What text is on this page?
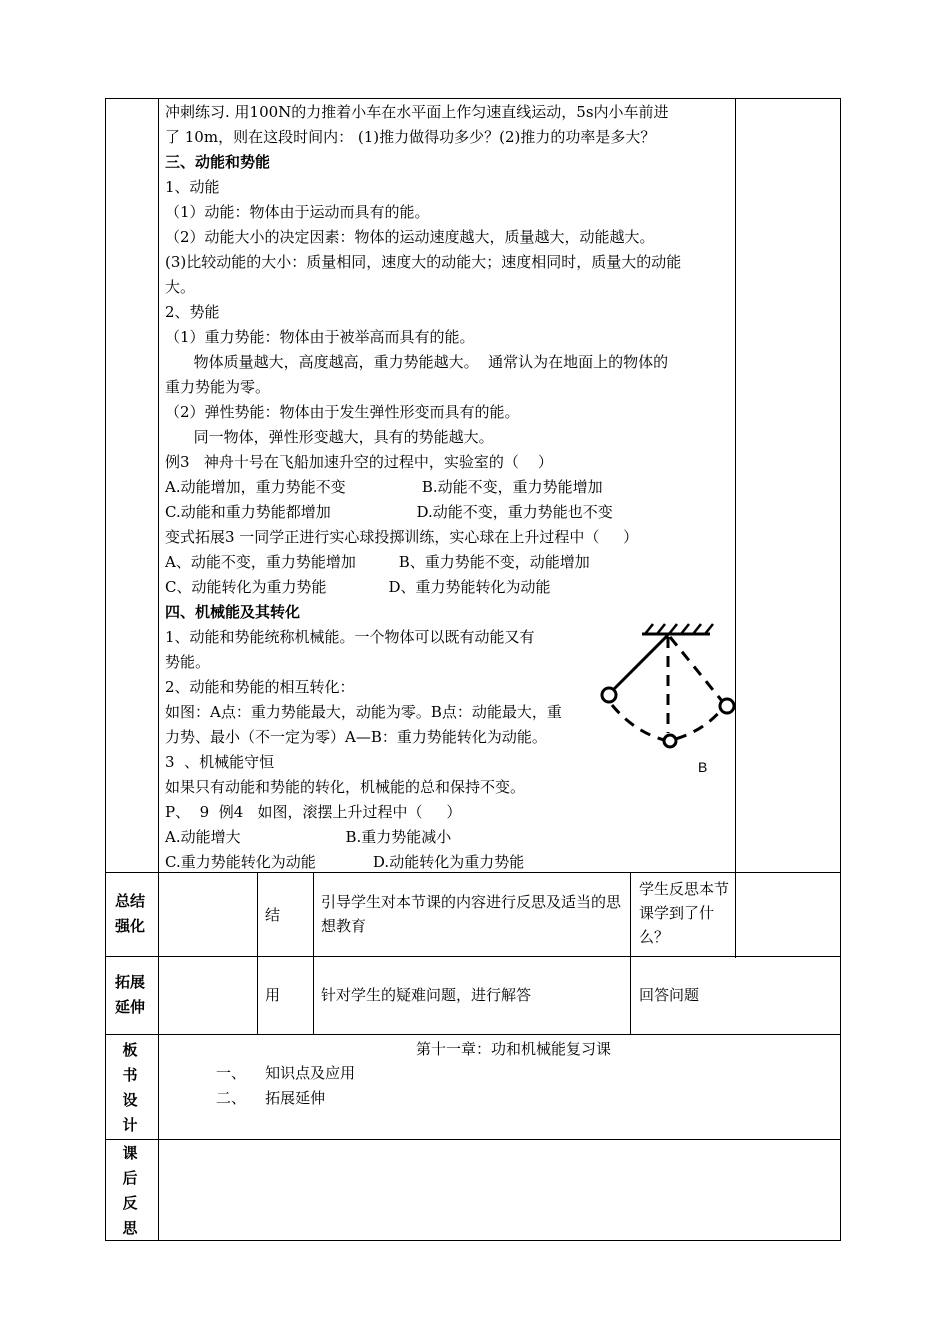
冲刺练习. 用100N的力推着小车在水平面上作匀速直线运动，5s内小车前进
了 10m，则在这段时间内： (1)推力做得功多少？(2)推力的功率是多大？
三、动能和势能
1、动能
（1）动能：物体由于运动而具有的能。
（2）动能大小的决定因素：物体的运动速度越大，质量越大，动能越大。
(3)比较动能的大小：质量相同，速度大的动能大；速度相同时，质量大的动能
大。
2、势能
（1）重力势能：物体由于被举高而具有的能。
物体质量越大，高度越高，重力势能越大。  通常认为在地面上的物体的
重力势能为零。
（2）弹性势能：物体由于发生弹性形变而具有的能。
同一物体，弹性形变越大，具有的势能越大。
例3   神舟十号在飞船加速升空的过程中，实验室的（    ）
A.动能增加，重力势能不变                B.动能不变，重力势能增加
C.动能和重力势能都增加                  D.动能不变，重力势能也不变
变式拓展3 一同学正进行实心球投掷训练，实心球在上升过程中（     ）
A、动能不变，重力势能增加         B、重力势能不变，动能增加
C、动能转化为重力势能             D、重力势能转化为动能
四、机械能及其转化
1、动能和势能统称机械能。一个物体可以既有动能又有
势能。
2、动能和势能的相互转化：
如图：A点：重力势能最大，动能为零。B点：动能最大，重
力势、最小（不一定为零）A—B：重力势能转化为动能。
3  、机械能守恒
如果只有动能和势能的转化，机械能的总和保持不变。
P、  9  例4   如图，滚摆上升过程中（     ）
A.动能增大                      B.重力势能减小
C.重力势能转化为动能            D.动能转化为重力势能
B
总结强化
结
引导学生对本节课的内容进行反思及适当的思想教育
学生反思本节课学到了什么？
拓展延伸
用	针对学生的疑难问题，进行解答	回答问题
板书设计
第十一章：功和机械能复习课
一、    知识点及应用
二、    拓展延伸
课后反思
